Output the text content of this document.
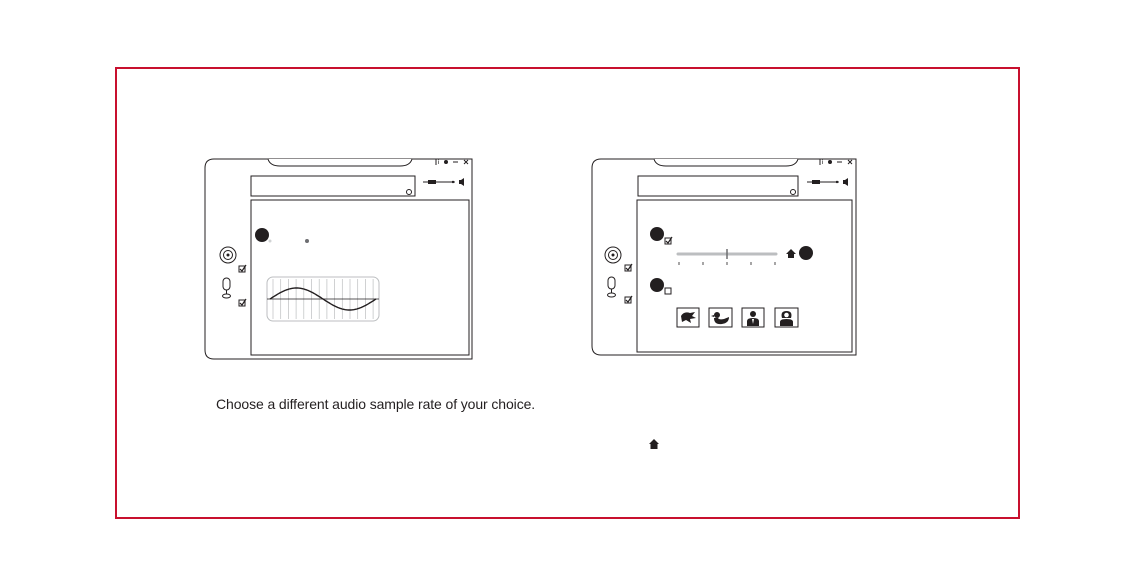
i	i
Choose a different audio sample rate of your choice.
